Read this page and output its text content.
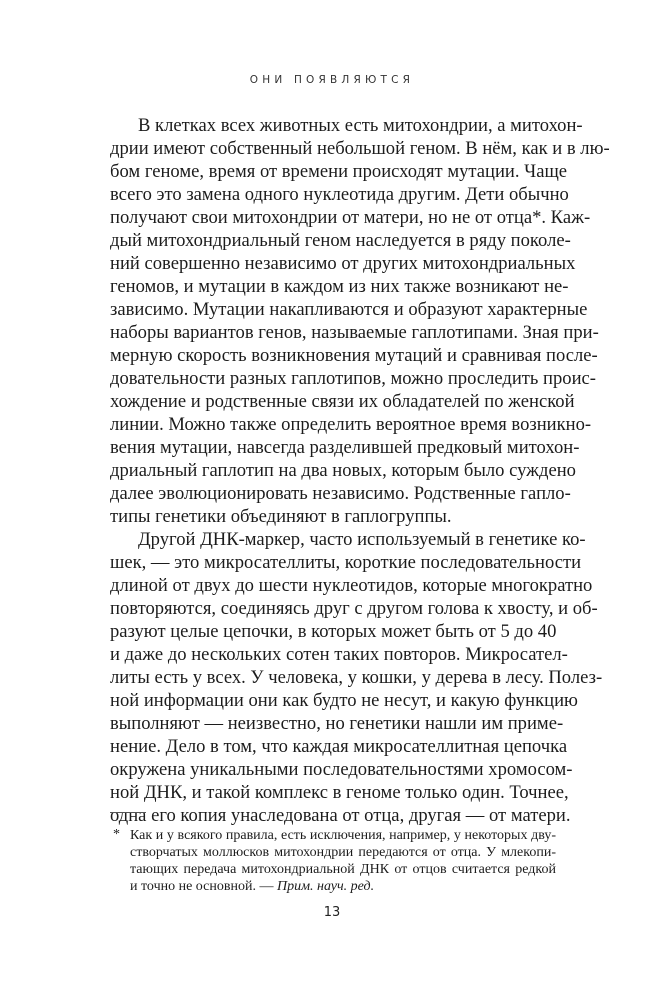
ОНИ ПОЯВЛЯЮТСЯ
В клетках всех животных есть митохондрии, а митохон-
дрии имеют собственный небольшой геном. В нём, как и в лю-
бом геноме, время от времени происходят мутации. Чаще
всего это замена одного нуклеотида другим. Дети обычно
получают свои митохондрии от матери, но не от отца*. Каж-
дый митохондриальный геном наследуется в ряду поколе-
ний совершенно независимо от других митохондриальных
геномов, и мутации в каждом из них также возникают не-
зависимо. Мутации накапливаются и образуют характерные
наборы вариантов генов, называемые гаплотипами. Зная при-
мерную скорость возникновения мутаций и сравнивая после-
довательности разных гаплотипов, можно проследить проис-
хождение и родственные связи их обладателей по женской
линии. Можно также определить вероятное время возникно-
вения мутации, навсегда разделившей предковый митохон-
дриальный гаплотип на два новых, которым было суждено
далее эволюционировать независимо. Родственные гапло-
типы генетики объединяют в гаплогруппы.
Другой ДНК-маркер, часто используемый в генетике ко-
шек, — это микросателлиты, короткие последовательности
длиной от двух до шести нуклеотидов, которые многократно
повторяются, соединяясь друг с другом голова к хвосту, и об-
разуют целые цепочки, в которых может быть от 5 до 40
и даже до нескольких сотен таких повторов. Микросател-
литы есть у всех. У человека, у кошки, у дерева в лесу. Полез-
ной информации они как будто не несут, и какую функцию
выполняют — неизвестно, но генетики нашли им приме-
нение. Дело в том, что каждая микросателлитная цепочка
окружена уникальными последовательностями хромосом-
ной ДНК, и такой комплекс в геноме только один. Точнее,
одна его копия унаследована от отца, другая — от матери.
* Как и у всякого правила, есть исключения, например, у некоторых дву-
створчатых моллюсков митохондрии передаются от отца. У млекопи-
тающих передача митохондриальной ДНК от отцов считается редкой
и точно не основной. — Прим. науч. ред.
13
